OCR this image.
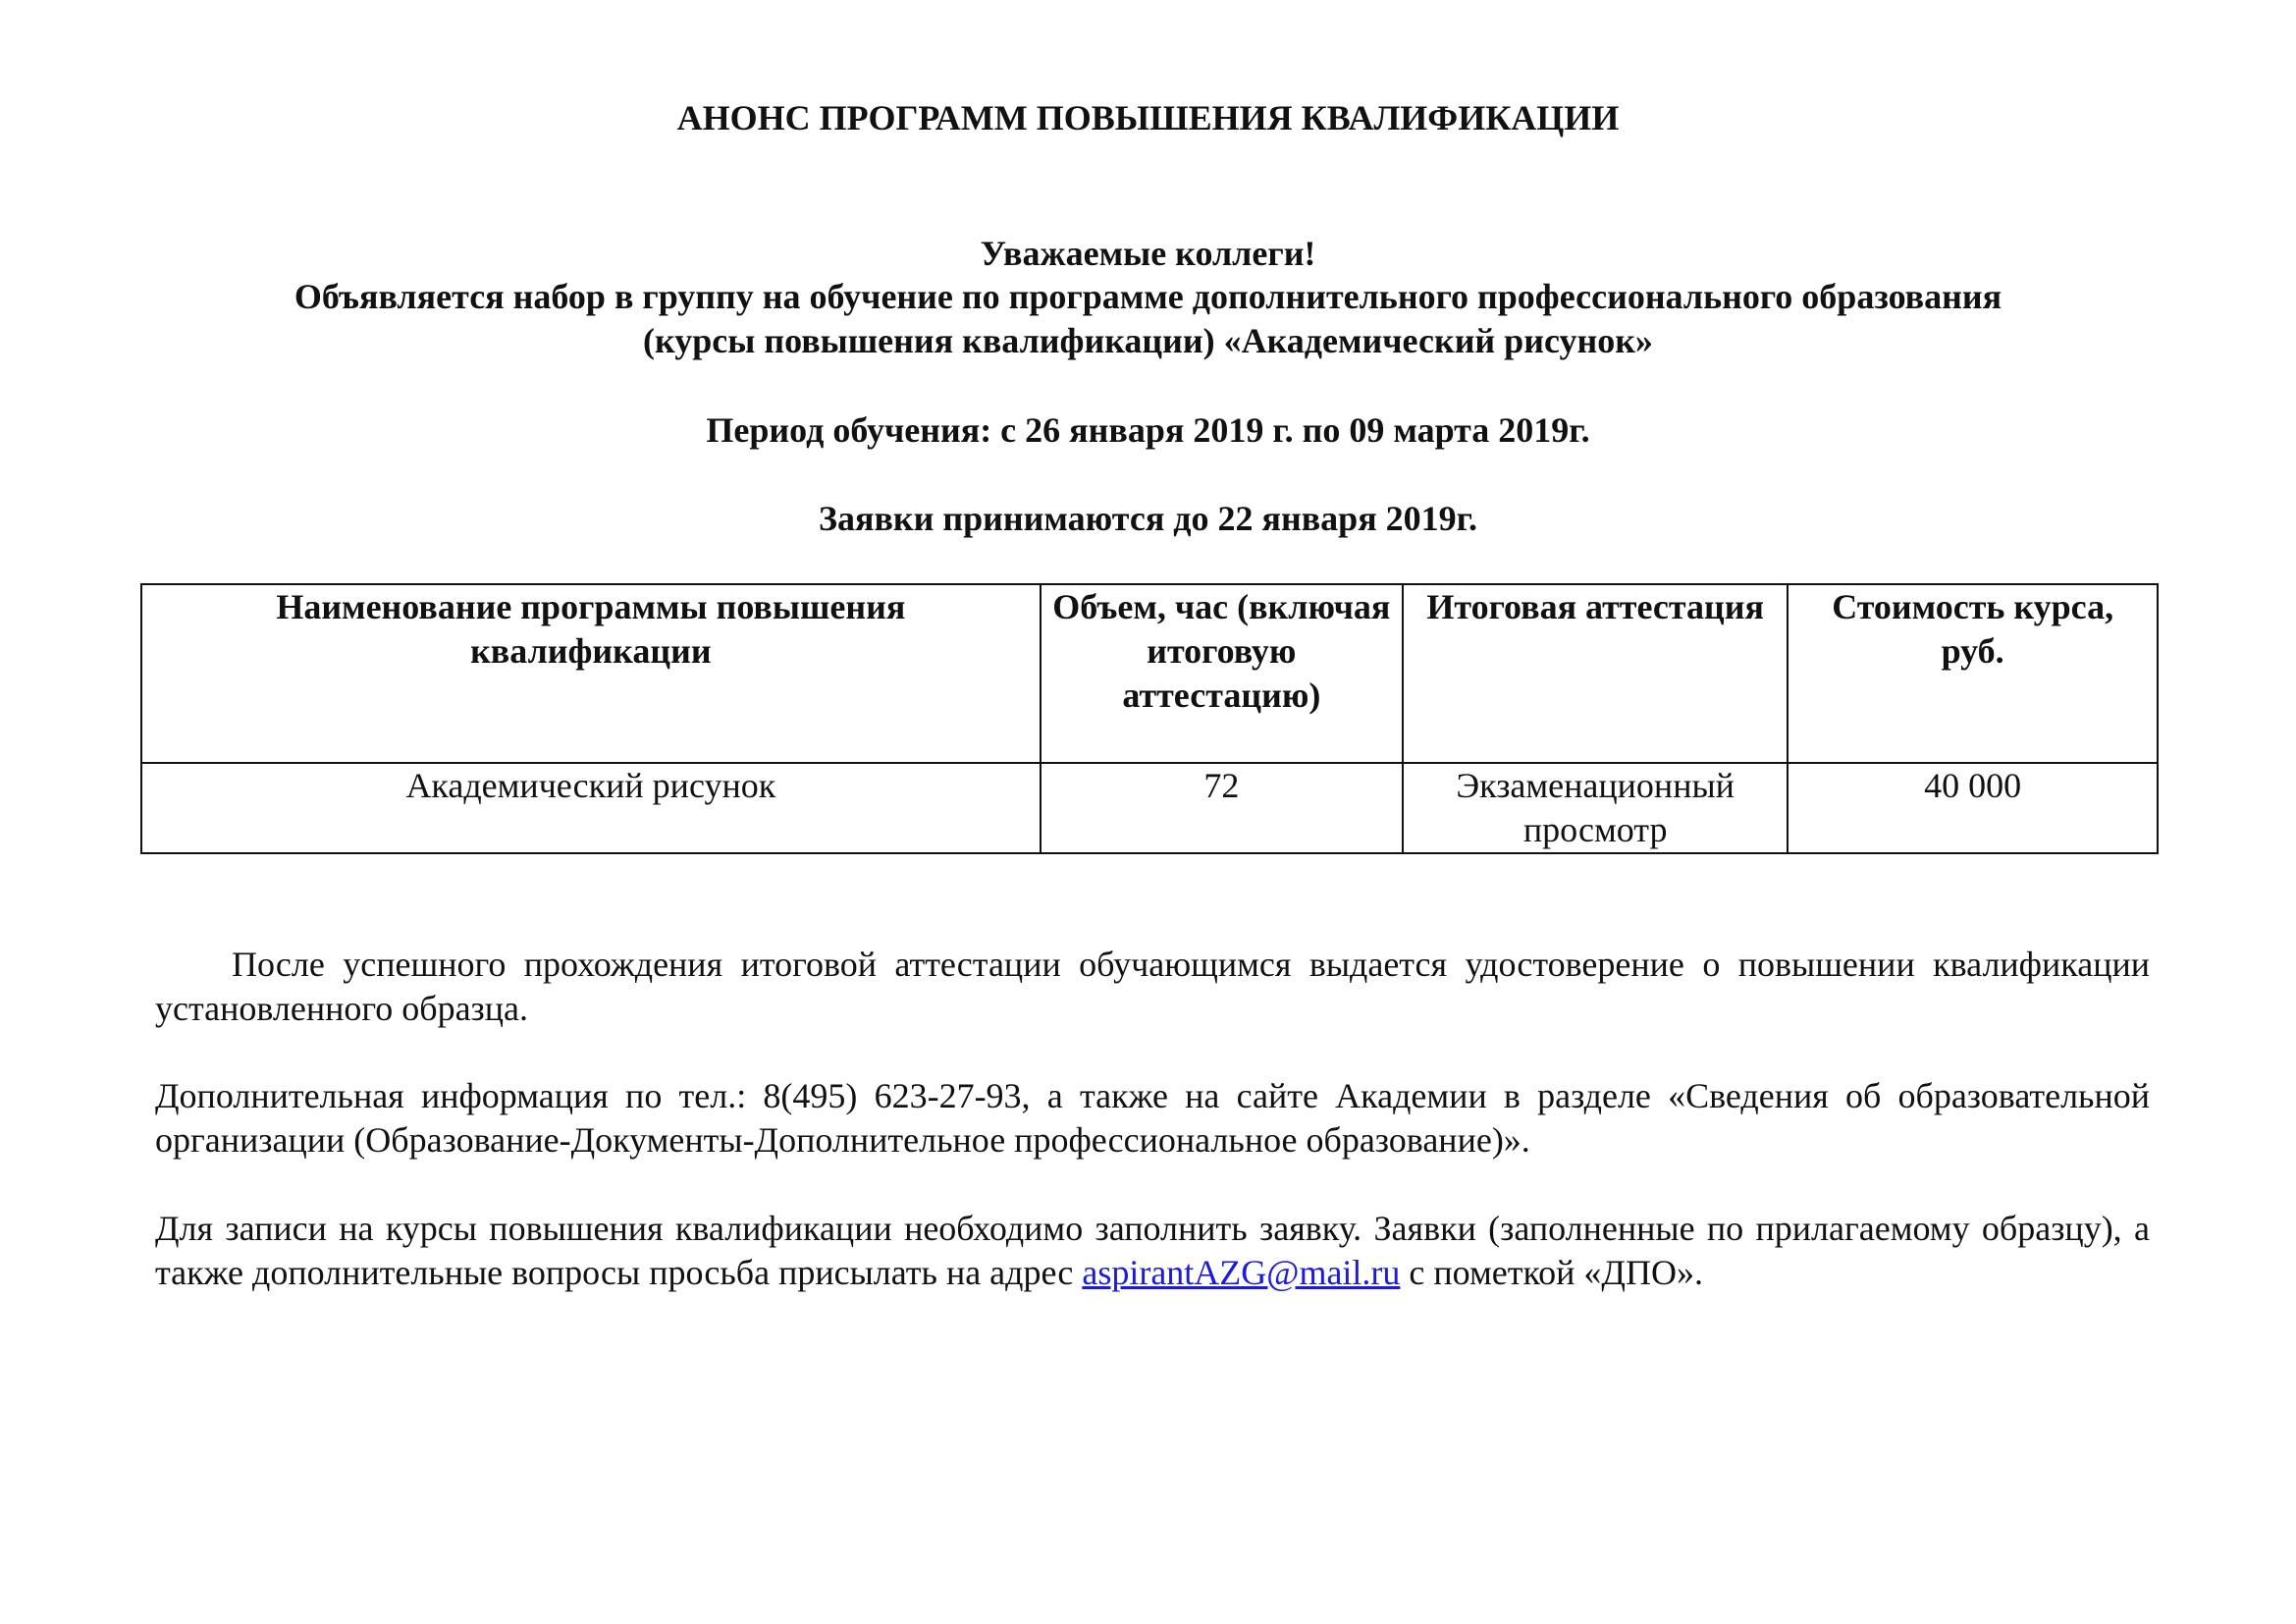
АНОНС ПРОГРАММ ПОВЫШЕНИЯ КВАЛИФИКАЦИИ

Уважаемые коллеги!

Объявляется набор в группу на обучение по программе дополнительного профессионального образования

(курсы повышения квалификации) «Академический рисунок»

Период обучения: с 26 января 2019 г. по 09 марта 2019г.

Заявки принимаются до 22 января 2019г.

Наименование программы повышения квалификации	Объем, час (включая итоговую аттестацию)	Итоговая аттестация	Стоимость курса, руб.
Академический рисунок	72	Экзаменационный просмотр	40 000

После успешного прохождения итоговой аттестации обучающимся выдается удостоверение о повышении квалификации установленного образца.

Дополнительная информация по тел.: 8(495) 623-27-93, а также на сайте Академии в разделе «Сведения об образовательной организации (Образование-Документы-Дополнительное профессиональное образование)».

Для записи на курсы повышения квалификации необходимо заполнить заявку. Заявки (заполненные по прилагаемому образцу), а также дополнительные вопросы просьба присылать на адрес aspirantAZG@mail.ru с пометкой «ДПО».
